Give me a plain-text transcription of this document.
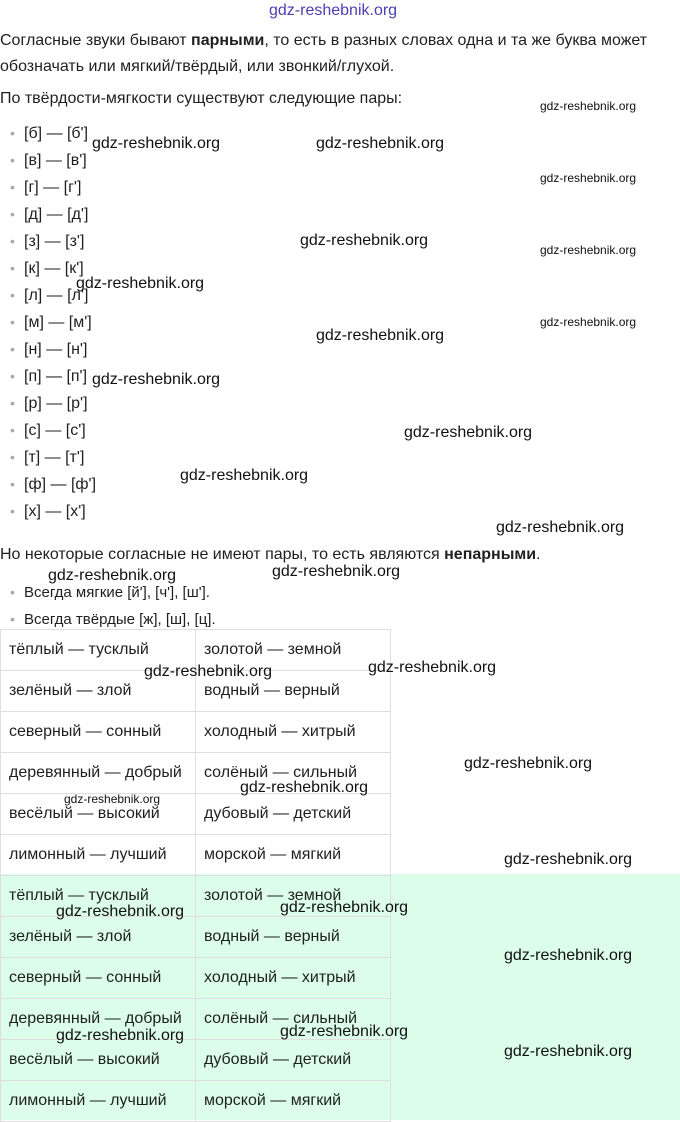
Согласные звуки бывают парными, то есть в разных словах одна и та же буква может обозначать или мягкий/твёрдый, или звонкий/глухой.
По твёрдости-мягкости существуют следующие пары:
• [б] — [б']
• [в] — [в']
• [г] — [г']
• [д] — [д']
• [з] — [з']
• [к] — [к']
• [л] — [л']
• [м] — [м']
• [н] — [н']
• [п] — [п']
• [р] — [р']
• [с] — [с']
• [т] — [т']
• [ф] — [ф']
• [х] — [х']
Но некоторые согласные не имеют пары, то есть являются непарными.
• Всегда мягкие [й'], [ч'], [ш'].
• Всегда твёрдые [ж], [ш], [ц].
тёплый — тусклый	золотой — земной
зелёный — злой	водный — верный
северный — сонный	холодный — хитрый
деревянный — добрый	солёный — сильный
весёлый — высокий	дубовый — детский
лимонный — лучший	морской — мягкий
тёплый — тусклый	золотой — земной
зелёный — злой	водный — верный
северный — сонный	холодный — хитрый
деревянный — добрый	солёный — сильный
весёлый — высокий	дубовый — детский
лимонный — лучший	морской — мягкий
gdz-reshebnik.org
gdz-reshebnik.org
gdz-reshebnik.org	gdz-reshebnik.org
gdz-reshebnik.org
gdz-reshebnik.org
gdz-reshebnik.org
gdz-reshebnik.org
gdz-reshebnik.org
gdz-reshebnik.org
gdz-reshebnik.org
gdz-reshebnik.org
gdz-reshebnik.org
gdz-reshebnik.org
gdz-reshebnik.org	gdz-reshebnik.org
gdz-reshebnik.org	gdz-reshebnik.org
gdz-reshebnik.org
gdz-reshebnik.org
gdz-reshebnik.org
gdz-reshebnik.org
gdz-reshebnik.org	gdz-reshebnik.org
gdz-reshebnik.org
gdz-reshebnik.org	gdz-reshebnik.org
gdz-reshebnik.org
